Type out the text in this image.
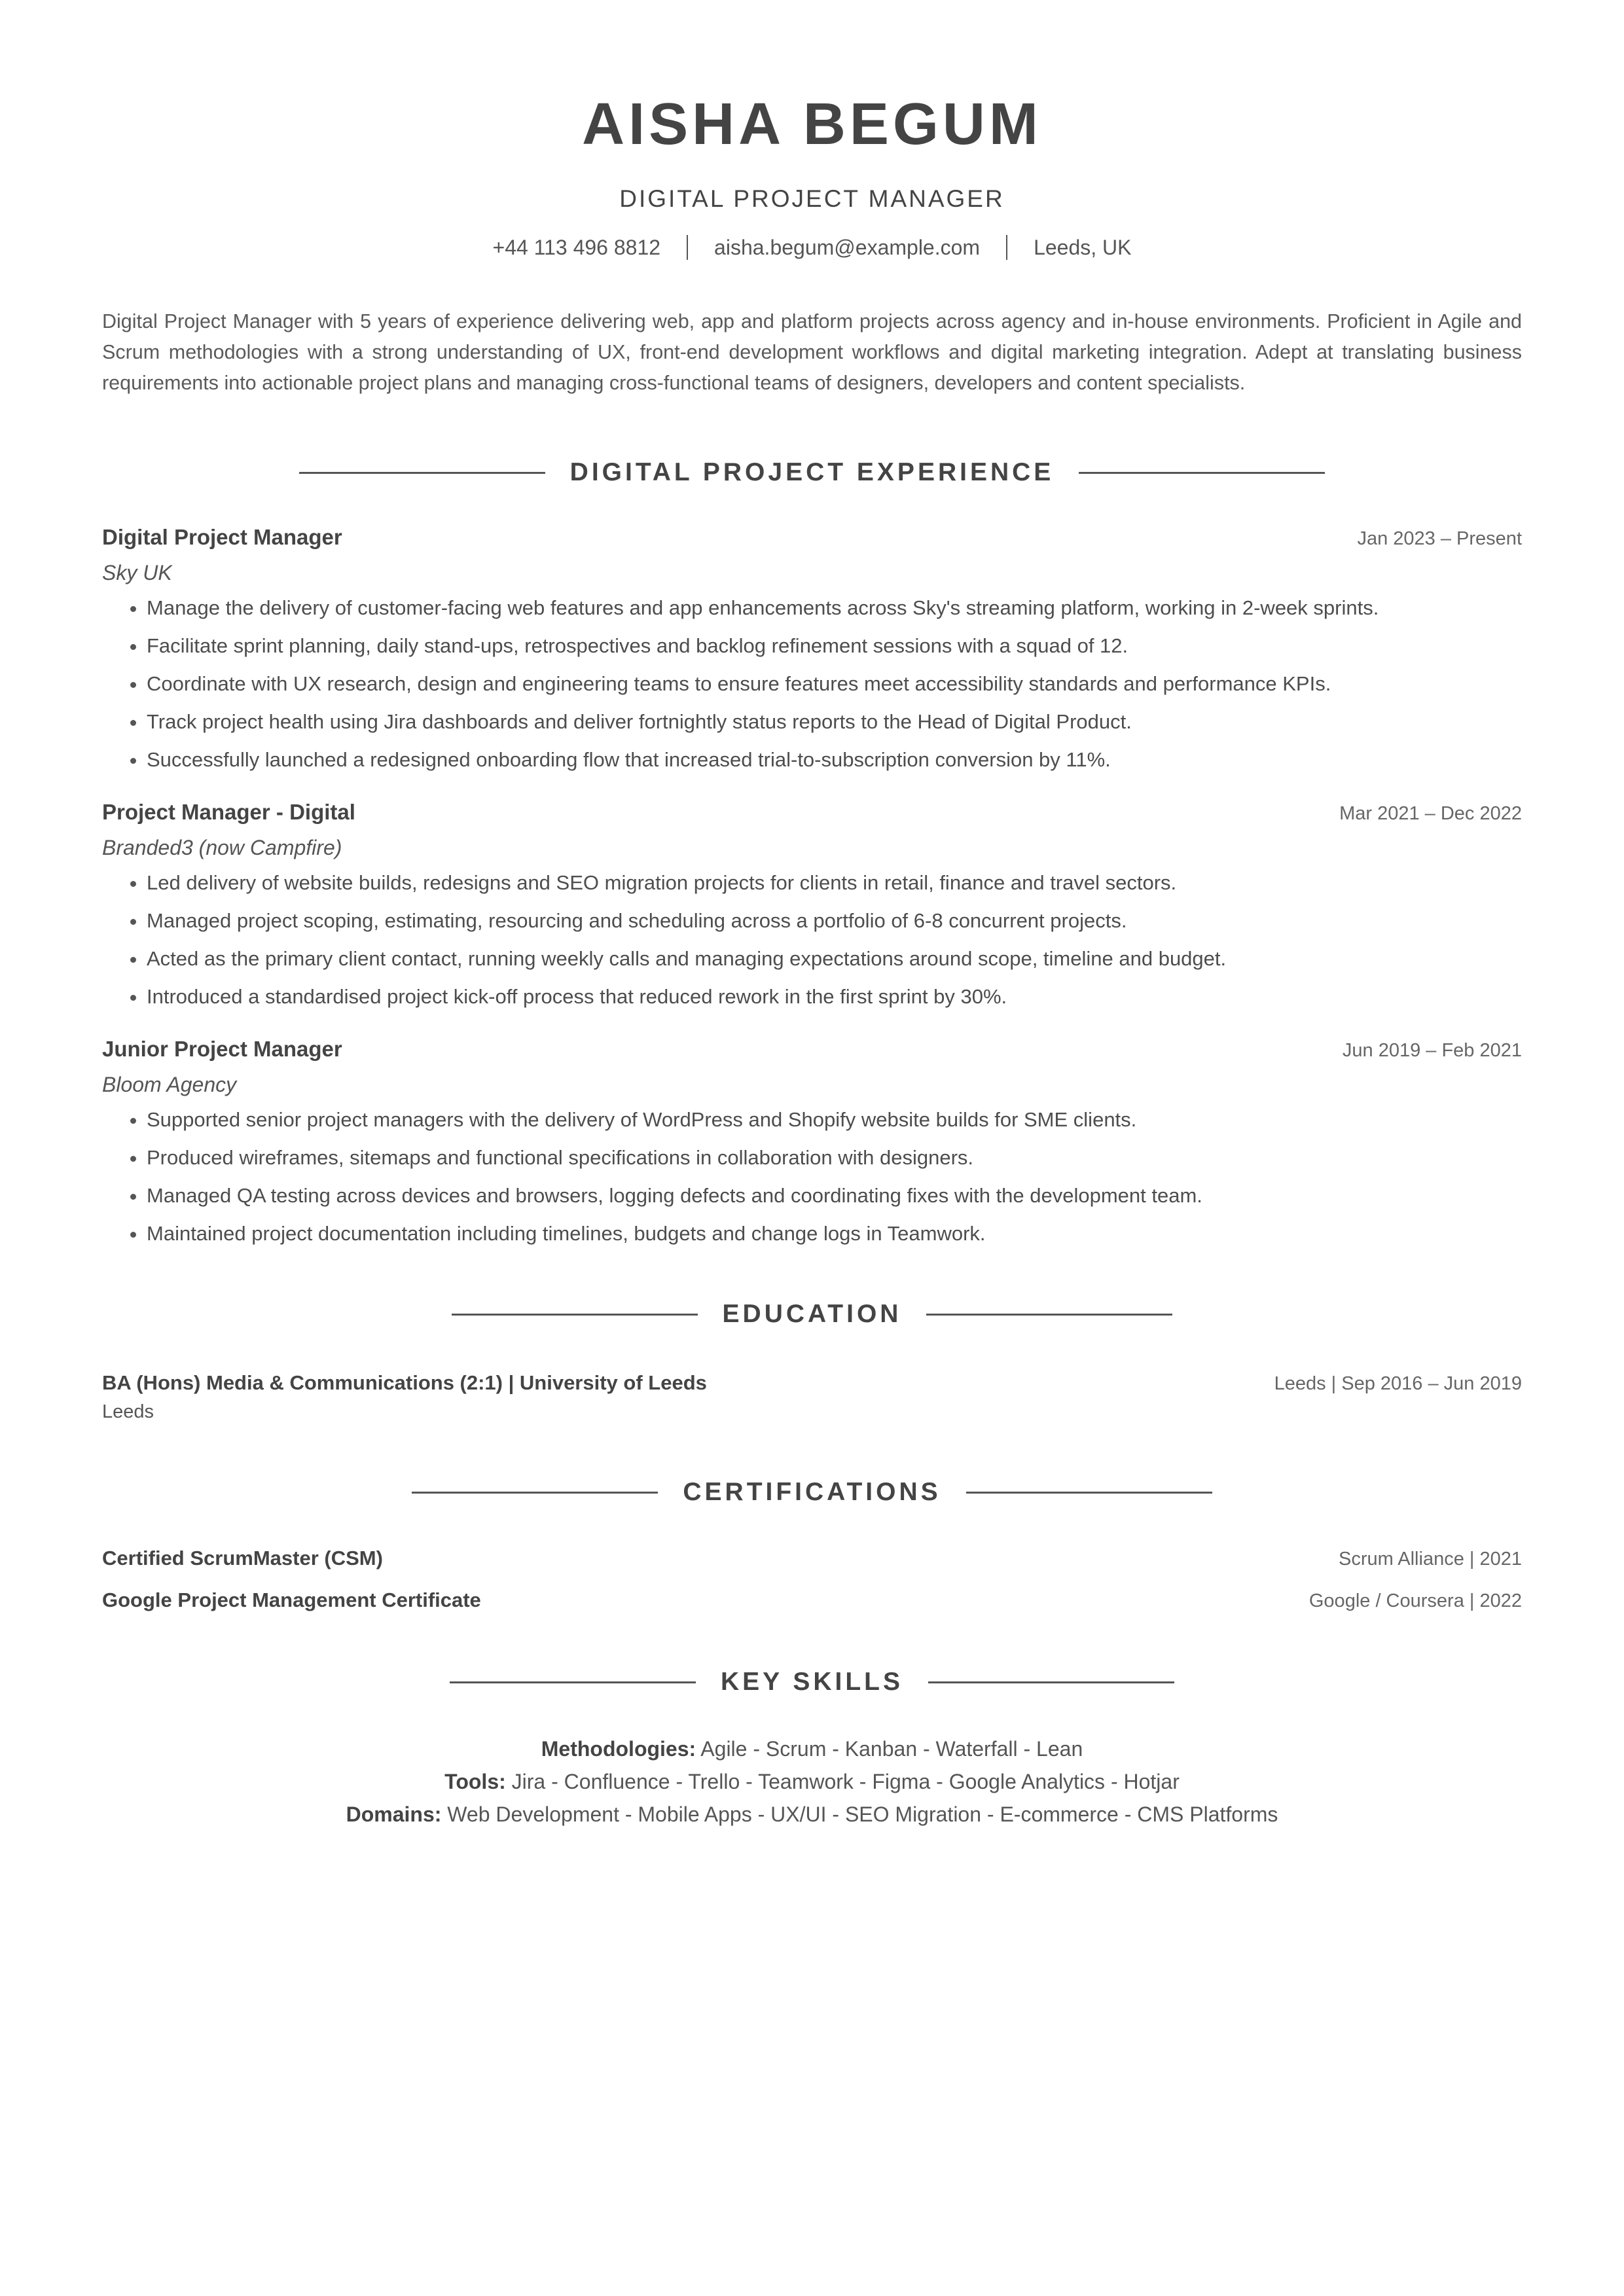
AISHA BEGUM
DIGITAL PROJECT MANAGER
+44 113 496 8812	aisha.begum@example.com	Leeds, UK

Digital Project Manager with 5 years of experience delivering web, app and platform projects across agency and in-house environments. Proficient in Agile and Scrum methodologies with a strong understanding of UX, front-end development workflows and digital marketing integration. Adept at translating business requirements into actionable project plans and managing cross-functional teams of designers, developers and content specialists.

DIGITAL PROJECT EXPERIENCE
Digital Project Manager	Jan 2023 – Present
Sky UK
• Manage the delivery of customer-facing web features and app enhancements across Sky's streaming platform, working in 2-week sprints.
• Facilitate sprint planning, daily stand-ups, retrospectives and backlog refinement sessions with a squad of 12.
• Coordinate with UX research, design and engineering teams to ensure features meet accessibility standards and performance KPIs.
• Track project health using Jira dashboards and deliver fortnightly status reports to the Head of Digital Product.
• Successfully launched a redesigned onboarding flow that increased trial-to-subscription conversion by 11%.
Project Manager - Digital	Mar 2021 – Dec 2022
Branded3 (now Campfire)
• Led delivery of website builds, redesigns and SEO migration projects for clients in retail, finance and travel sectors.
• Managed project scoping, estimating, resourcing and scheduling across a portfolio of 6-8 concurrent projects.
• Acted as the primary client contact, running weekly calls and managing expectations around scope, timeline and budget.
• Introduced a standardised project kick-off process that reduced rework in the first sprint by 30%.
Junior Project Manager	Jun 2019 – Feb 2021
Bloom Agency
• Supported senior project managers with the delivery of WordPress and Shopify website builds for SME clients.
• Produced wireframes, sitemaps and functional specifications in collaboration with designers.
• Managed QA testing across devices and browsers, logging defects and coordinating fixes with the development team.
• Maintained project documentation including timelines, budgets and change logs in Teamwork.
EDUCATION
BA (Hons) Media & Communications (2:1) | University of Leeds	Leeds | Sep 2016 – Jun 2019
Leeds
CERTIFICATIONS
Certified ScrumMaster (CSM)	Scrum Alliance | 2021
Google Project Management Certificate	Google / Coursera | 2022
KEY SKILLS
Methodologies: Agile - Scrum - Kanban - Waterfall - Lean
Tools: Jira - Confluence - Trello - Teamwork - Figma - Google Analytics - Hotjar
Domains: Web Development - Mobile Apps - UX/UI - SEO Migration - E-commerce - CMS Platforms
